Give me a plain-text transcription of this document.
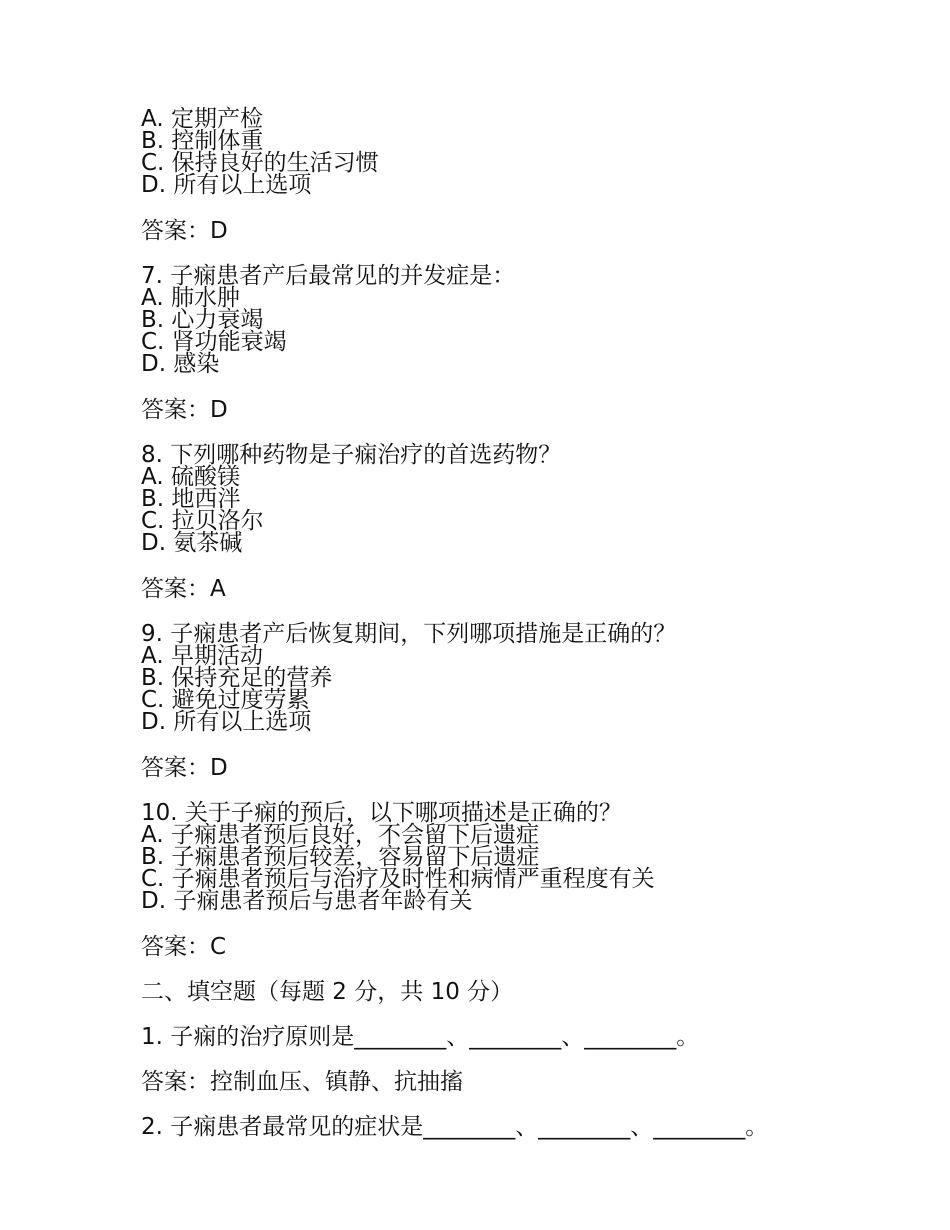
A. 定期产检
B. 控制体重
C. 保持良好的生活习惯
D. 所有以上选项
答案：D
7. 子痫患者产后最常见的并发症是：
A. 肺水肿
B. 心力衰竭
C. 肾功能衰竭
D. 感染
答案：D
8. 下列哪种药物是子痫治疗的首选药物？
A. 硫酸镁
B. 地西泮
C. 拉贝洛尔
D. 氨茶碱
答案：A
9. 子痫患者产后恢复期间，下列哪项措施是正确的？
A. 早期活动
B. 保持充足的营养
C. 避免过度劳累
D. 所有以上选项
答案：D
10. 关于子痫的预后，以下哪项描述是正确的？
A. 子痫患者预后良好，不会留下后遗症
B. 子痫患者预后较差，容易留下后遗症
C. 子痫患者预后与治疗及时性和病情严重程度有关
D. 子痫患者预后与患者年龄有关
答案：C
二、填空题（每题 2 分，共 10 分）
1. 子痫的治疗原则是________、________、________。
答案：控制血压、镇静、抗抽搐
2. 子痫患者最常见的症状是________、________、________。
